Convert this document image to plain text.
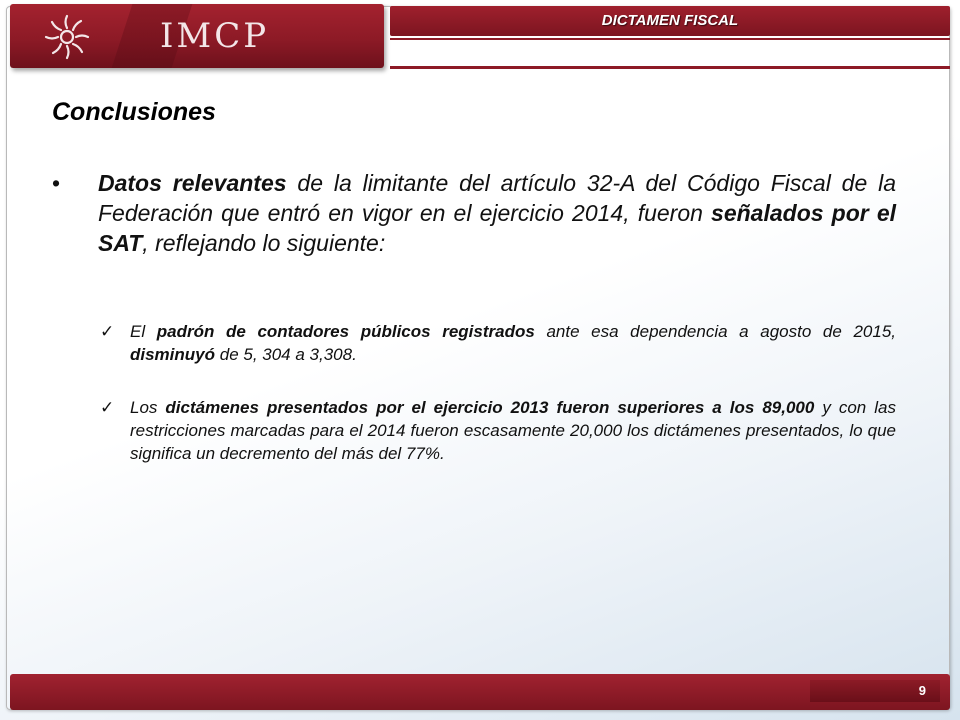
IMCP	DICTAMEN FISCAL
Conclusiones
•	Datos relevantes de la limitante del artículo 32-A del Código Fiscal de la Federación que entró en vigor en el ejercicio 2014, fueron señalados por el SAT, reflejando lo siguiente:
✓ El padrón de contadores públicos registrados ante esa dependencia a agosto de 2015, disminuyó de 5, 304 a 3,308.
✓ Los dictámenes presentados por el ejercicio 2013 fueron superiores a los 89,000 y con las restricciones marcadas para el 2014 fueron escasamente 20,000 los dictámenes presentados, lo que significa un decremento del más del 77%.
9
